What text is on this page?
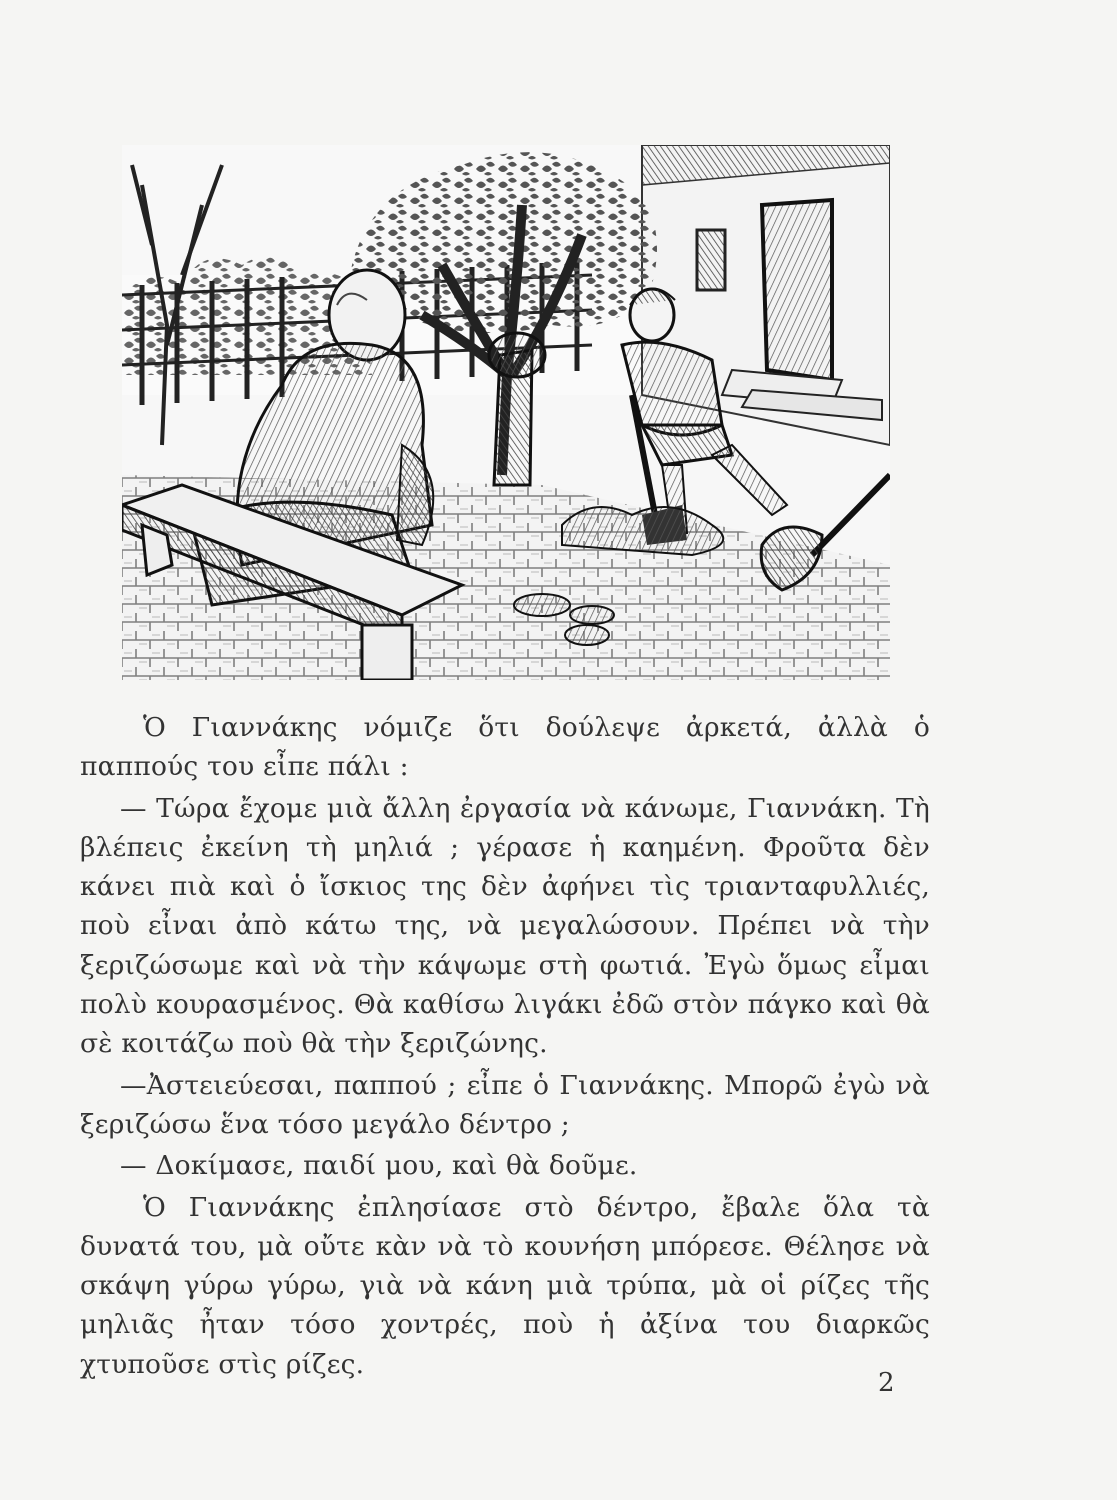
Ὁ Γιαννάκης νόμιζε ὅτι δούλεψε ἀρκετά, ἀλλὰ ὁ παππούς του εἶπε πάλι :

— Τώρα ἔχομε μιὰ ἄλλη ἐργασία νὰ κάνωμε, Γιαννάκη. Τὴ βλέπεις ἐκείνη τὴ μηλιά ; γέρασε ἡ καημένη. Φροῦτα δὲν κάνει πιὰ καὶ ὁ ἴσκιος της δὲν ἀφήνει τὶς τριανταφυλλιές, ποὺ εἶναι ἀπὸ κάτω της, νὰ μεγαλώσουν. Πρέπει νὰ τὴν ξεριζώσωμε καὶ νὰ τὴν κάψωμε στὴ φωτιά. Ἐγὼ ὅμως εἶμαι πολὺ κουρασμένος. Θὰ καθίσω λιγάκι ἐδῶ στὸν πάγκο καὶ θὰ σὲ κοιτάζω ποὺ θὰ τὴν ξεριζώνης.

—Ἀστειεύεσαι, παππού ; εἶπε ὁ Γιαννάκης. Μπορῶ ἐγὼ νὰ ξεριζώσω ἕνα τόσο μεγάλο δέντρο ;

— Δοκίμασε, παιδί μου, καὶ θὰ δοῦμε.

Ὁ Γιαννάκης ἐπλησίασε στὸ δέντρο, ἔβαλε ὅλα τὰ δυνατά του, μὰ οὔτε κὰν νὰ τὸ κουνήση μπόρεσε. Θέλησε νὰ σκάψη γύρω γύρω, γιὰ νὰ κάνη μιὰ τρύπα, μὰ οἱ ρίζες τῆς μηλιᾶς ἦταν τόσο χοντρές, ποὺ ἡ ἀξίνα του διαρκῶς χτυποῦσε στὶς ρίζες.

2
